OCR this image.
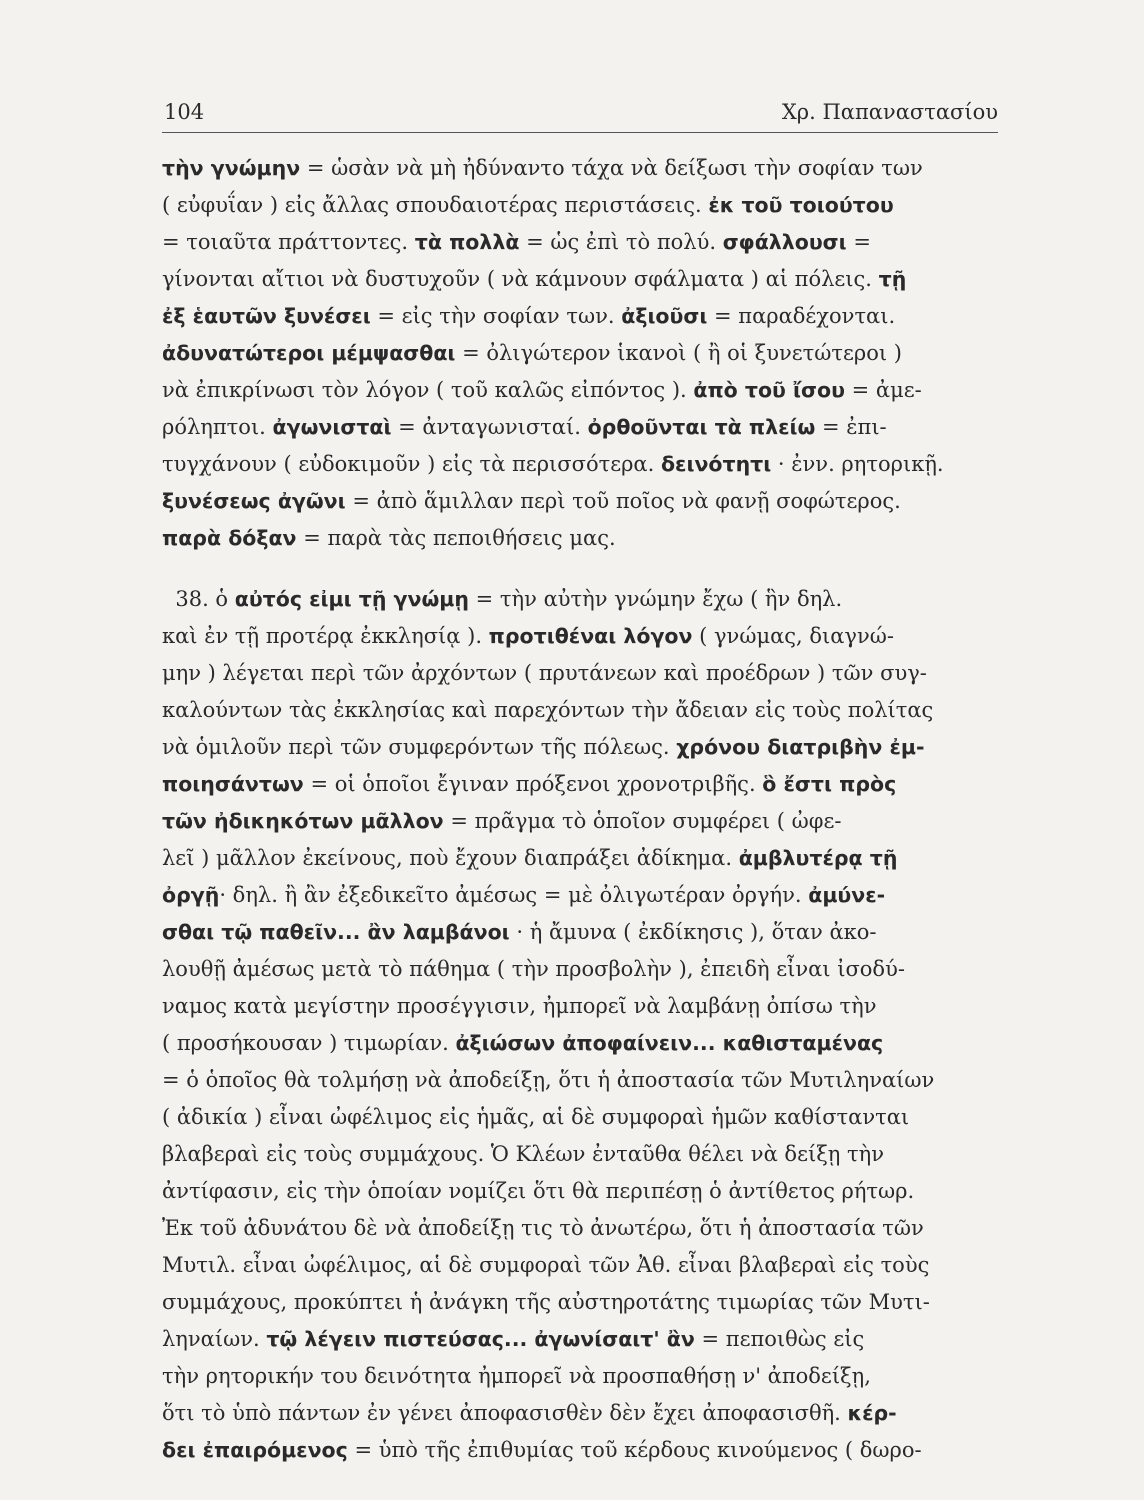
104	Χρ. Παπαναστασίου
τὴν γνώμην = ὡσὰν νὰ μὴ ἠδύναντο τάχα νὰ δείξωσι τὴν σοφίαν των
( εὐφυΐαν ) εἰς ἄλλας σπουδαιοτέρας περιστάσεις. ἐκ τοῦ τοιούτου
= τοιαῦτα πράττοντες. τὰ πολλὰ = ὡς ἐπὶ τὸ πολύ. σφάλλουσι =
γίνονται αἴτιοι νὰ δυστυχοῦν ( νὰ κάμνουν σφάλματα ) αἱ πόλεις. τῇ
ἐξ ἑαυτῶν ξυνέσει = εἰς τὴν σοφίαν των. ἀξιοῦσι = παραδέχονται.
ἀδυνατώτεροι μέμψασθαι = ὀλιγώτερον ἱκανοὶ ( ἢ οἱ ξυνετώτεροι )
νὰ ἐπικρίνωσι τὸν λόγον ( τοῦ καλῶς εἰπόντος ). ἀπὸ τοῦ ἴσου = ἀμε-
ρόληπτοι. ἀγωνισταὶ = ἀνταγωνισταί. ὀρθοῦνται τὰ πλείω = ἐπι-
τυγχάνουν ( εὐδοκιμοῦν ) εἰς τὰ περισσότερα. δεινότητι · ἐνν. ρητορικῇ.
ξυνέσεως ἀγῶνι = ἀπὸ ἅμιλλαν περὶ τοῦ ποῖος νὰ φανῇ σοφώτερος.
παρὰ δόξαν = παρὰ τὰς πεποιθήσεις μας.
38. ὁ αὐτός εἰμι τῇ γνώμῃ = τὴν αὐτὴν γνώμην ἔχω ( ἣν δηλ.
καὶ ἐν τῇ προτέρᾳ ἐκκλησίᾳ ). προτιθέναι λόγον ( γνώμας, διαγνώ-
μην ) λέγεται περὶ τῶν ἀρχόντων ( πρυτάνεων καὶ προέδρων ) τῶν συγ-
καλούντων τὰς ἐκκλησίας καὶ παρεχόντων τὴν ἄδειαν εἰς τοὺς πολίτας
νὰ ὁμιλοῦν περὶ τῶν συμφερόντων τῆς πόλεως. χρόνου διατριβὴν ἐμ-
ποιησάντων = οἱ ὁποῖοι ἔγιναν πρόξενοι χρονοτριβῆς. ὃ ἔστι πρὸς
τῶν ἠδικηκότων μᾶλλον = πρᾶγμα τὸ ὁποῖον συμφέρει ( ὠφε-
λεῖ ) μᾶλλον ἐκείνους, ποὺ ἔχουν διαπράξει ἀδίκημα. ἀμβλυτέρᾳ τῇ
ὀργῇ· δηλ. ἢ ἂν ἐξεδικεῖτο ἀμέσως = μὲ ὀλιγωτέραν ὀργήν. ἀμύνε-
σθαι τῷ παθεῖν... ἂν λαμβάνοι · ἡ ἄμυνα ( ἐκδίκησις ), ὅταν ἀκο-
λουθῇ ἀμέσως μετὰ τὸ πάθημα ( τὴν προσβολὴν ), ἐπειδὴ εἶναι ἰσοδύ-
ναμος κατὰ μεγίστην προσέγγισιν, ἠμπορεῖ νὰ λαμβάνῃ ὀπίσω τὴν
( προσήκουσαν ) τιμωρίαν. ἀξιώσων ἀποφαίνειν... καθισταμένας
= ὁ ὁποῖος θὰ τολμήσῃ νὰ ἀποδείξῃ, ὅτι ἡ ἀποστασία τῶν Μυτιληναίων
( ἀδικία ) εἶναι ὠφέλιμος εἰς ἡμᾶς, αἱ δὲ συμφοραὶ ἡμῶν καθίστανται
βλαβεραὶ εἰς τοὺς συμμάχους. Ὁ Κλέων ἐνταῦθα θέλει νὰ δείξῃ τὴν
ἀντίφασιν, εἰς τὴν ὁποίαν νομίζει ὅτι θὰ περιπέσῃ ὁ ἀντίθετος ρήτωρ.
Ἐκ τοῦ ἀδυνάτου δὲ νὰ ἀποδείξῃ τις τὸ ἀνωτέρω, ὅτι ἡ ἀποστασία τῶν
Μυτιλ. εἶναι ὠφέλιμος, αἱ δὲ συμφοραὶ τῶν Ἀθ. εἶναι βλαβεραὶ εἰς τοὺς
συμμάχους, προκύπτει ἡ ἀνάγκη τῆς αὐστηροτάτης τιμωρίας τῶν Μυτι-
ληναίων. τῷ λέγειν πιστεύσας... ἀγωνίσαιτ' ἂν = πεποιθὼς εἰς
τὴν ρητορικήν του δεινότητα ἠμπορεῖ νὰ προσπαθήσῃ ν' ἀποδείξῃ,
ὅτι τὸ ὑπὸ πάντων ἐν γένει ἀποφασισθὲν δὲν ἔχει ἀποφασισθῆ. κέρ-
δει ἐπαιρόμενος = ὑπὸ τῆς ἐπιθυμίας τοῦ κέρδους κινούμενος ( δωρο-
